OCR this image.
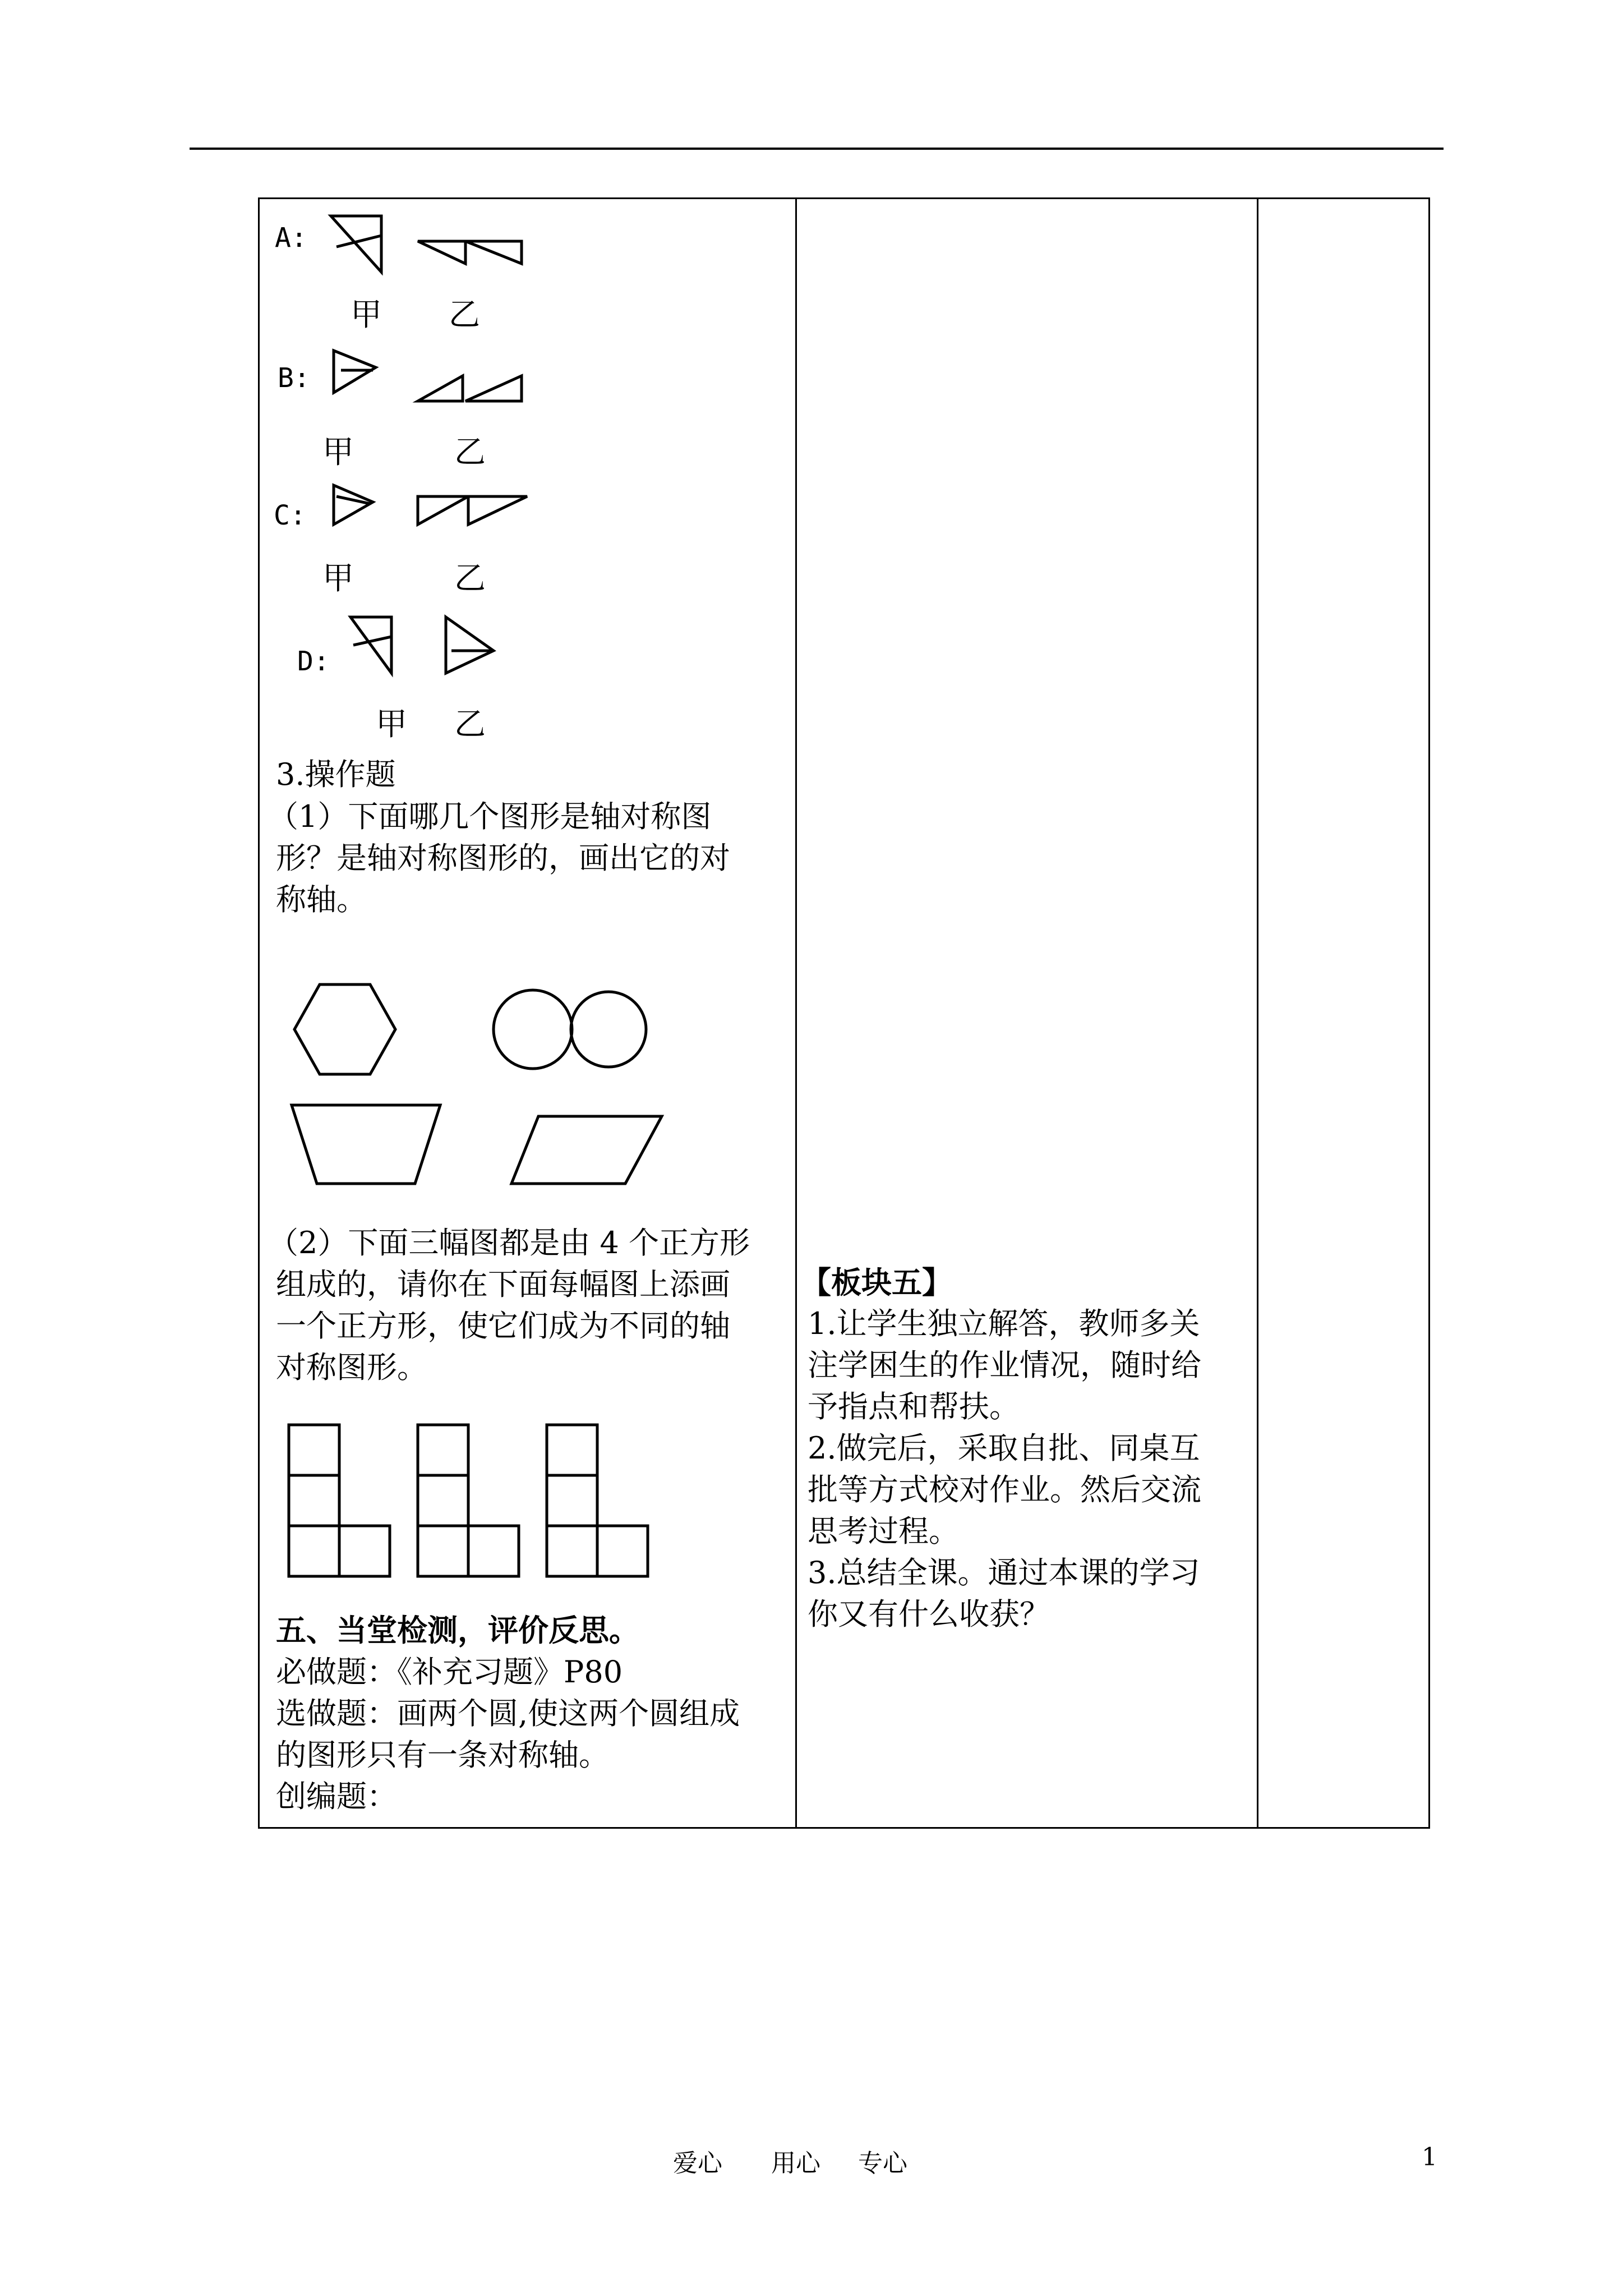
A:
B:
C:
D:
甲 乙
甲	乙
甲	乙
甲 乙
3.操作题
（1）下面哪几个图形是轴对称图
形？是轴对称图形的，画出它的对
称轴。
（2）下面三幅图都是由 4 个正方形
组成的，请你在下面每幅图上添画
一个正方形，使它们成为不同的轴
对称图形。
五、当堂检测，评价反思。
必做题：《补充习题》P80
选做题：画两个圆,使这两个圆组成
的图形只有一条对称轴。
创编题：
【板块五】
1.让学生独立解答，教师多关
注学困生的作业情况，随时给
予指点和帮扶。
2.做完后，采取自批、同桌互
批等方式校对作业。然后交流
思考过程。
3.总结全课。通过本课的学习
你又有什么收获？
爱心 用心 专心	1
